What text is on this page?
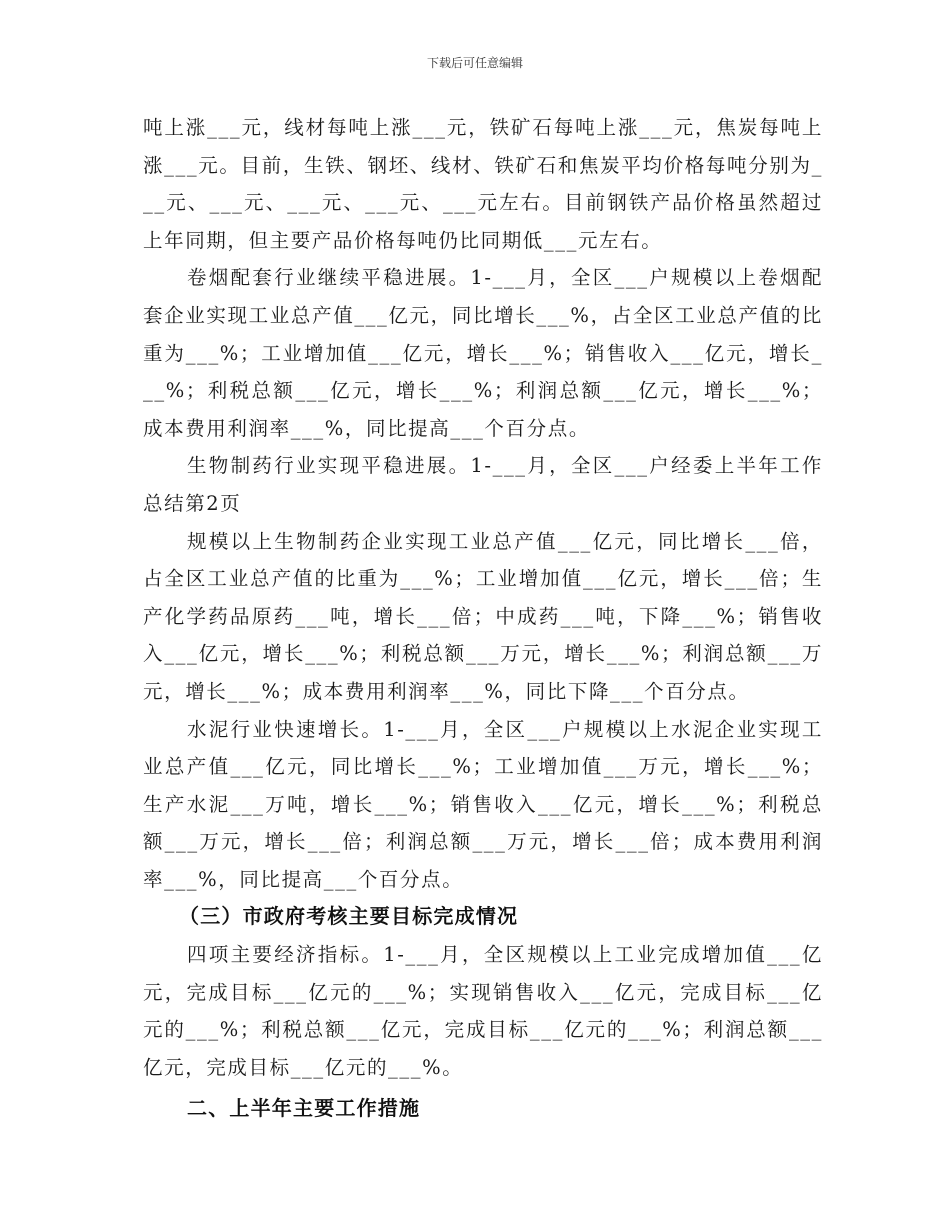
下载后可任意编辑

吨上涨___元，线材每吨上涨___元，铁矿石每吨上涨___元，焦炭每吨上涨___元。目前，生铁、钢坯、线材、铁矿石和焦炭平均价格每吨分别为___元、___元、___元、___元、___元左右。目前钢铁产品价格虽然超过上年同期，但主要产品价格每吨仍比同期低___元左右。

卷烟配套行业继续平稳进展。1-___月，全区___户规模以上卷烟配套企业实现工业总产值___亿元，同比增长___%，占全区工业总产值的比重为___%；工业增加值___亿元，增长___%；销售收入___亿元，增长___%；利税总额___亿元，增长___%；利润总额___亿元，增长___%；成本费用利润率___%，同比提高___个百分点。

生物制药行业实现平稳进展。1-___月，全区___户经委上半年工作总结第2页

规模以上生物制药企业实现工业总产值___亿元，同比增长___倍，占全区工业总产值的比重为___%；工业增加值___亿元，增长___倍；生产化学药品原药___吨，增长___倍；中成药___吨，下降___%；销售收入___亿元，增长___%；利税总额___万元，增长___%；利润总额___万元，增长___%；成本费用利润率___%，同比下降___个百分点。

水泥行业快速增长。1-___月，全区___户规模以上水泥企业实现工业总产值___亿元，同比增长___%；工业增加值___万元，增长___%；生产水泥___万吨，增长___%；销售收入___亿元，增长___%；利税总额___万元，增长___倍；利润总额___万元，增长___倍；成本费用利润率___%，同比提高___个百分点。

（三）市政府考核主要目标完成情况

四项主要经济指标。1-___月，全区规模以上工业完成增加值___亿元，完成目标___亿元的___%；实现销售收入___亿元，完成目标___亿元的___%；利税总额___亿元，完成目标___亿元的___%；利润总额___亿元，完成目标___亿元的___%。

二、上半年主要工作措施
